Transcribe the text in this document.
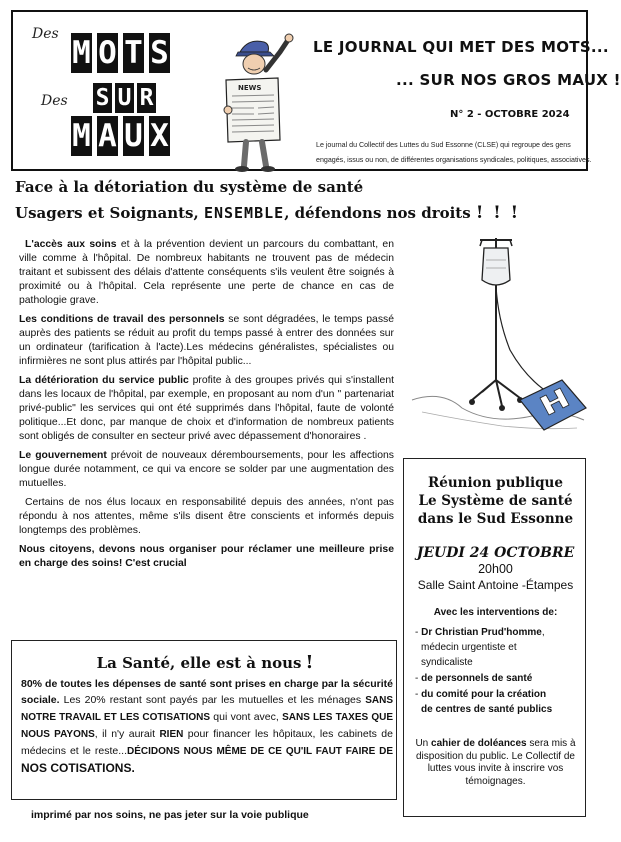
Des
Des
M O T S
S U R
M A U X
NEWS
LE JOURNAL QUI MET DES MOTS...
... SUR NOS GROS MAUX !
N° 2 - OCTOBRE 2024
Le journal du Collectif des Luttes du Sud Essonne (CLSE) qui regroupe des gens engagés, issus ou non, de différentes organisations syndicales, politiques, associatives.
Face à la détoriation du système de santé
Usagers et Soignants, ENSEMBLE, défendons nos droits ! ! !

L'accès aux soins et à la prévention devient un parcours du combattant, en ville comme à l'hôpital. De nombreux habitants ne trouvent pas de médecin traitant et subissent des délais d'attente conséquents s'ils veulent être soignés à proximité ou à l'hôpital. Cela représente une perte de chance en cas de pathologie grave.

Les conditions de travail des personnels se sont dégradées, le temps passé auprès des patients se réduit au profit du temps passé à entrer des données sur un ordinateur (tarification à l'acte).Les médecins généralistes, spécialistes ou infirmières ne sont plus attirés par l'hôpital public...

La détérioration du service public profite à des groupes privés qui s'installent dans les locaux de l'hôpital, par exemple, en proposant au nom d'un " partenariat privé-public" les services qui ont été supprimés dans l'hôpital, faute de volonté politique...Et donc, par manque de choix et d'information de nombreux patients sont obligés de consulter en secteur privé avec dépassement d'honoraires .

Le gouvernement prévoit de nouveaux déremboursements, pour les affections longue durée notamment, ce qui va encore se solder par une augmentation des mutuelles.

Certains de nos élus locaux en responsabilité depuis des années, n'ont pas répondu à nos attentes, même s'ils disent être conscients et informés depuis longtemps des problèmes.

Nous citoyens, devons nous organiser pour réclamer une meilleure prise en charge des soins! C'est crucial

Réunion publique
Le Système de santé
dans le Sud Essonne
JEUDI 24 OCTOBRE
20h00
Salle Saint Antoine -Étampes
Avec les interventions de:
- Dr Christian Prud'homme,
médecin urgentiste et
syndicaliste
- de personnels de santé
- du comité pour la création
de centres de santé publics
Un cahier de doléances sera mis à disposition du public. Le Collectif de luttes vous invite à inscrire vos témoignages.
La Santé, elle est à nous !
80% de toutes les dépenses de santé sont prises en charge par la sécurité sociale. Les 20% restant sont payés par les mutuelles et les ménages SANS NOTRE TRAVAIL ET LES COTISATIONS qui vont avec, SANS LES TAXES QUE NOUS PAYONS, il n'y aurait RIEN pour financer les hôpitaux, les cabinets de médecins et le reste...DÉCIDONS NOUS MÊME DE CE QU'IL FAUT FAIRE DE NOS COTISATIONS.
imprimé par nos soins, ne pas jeter sur la voie publique
